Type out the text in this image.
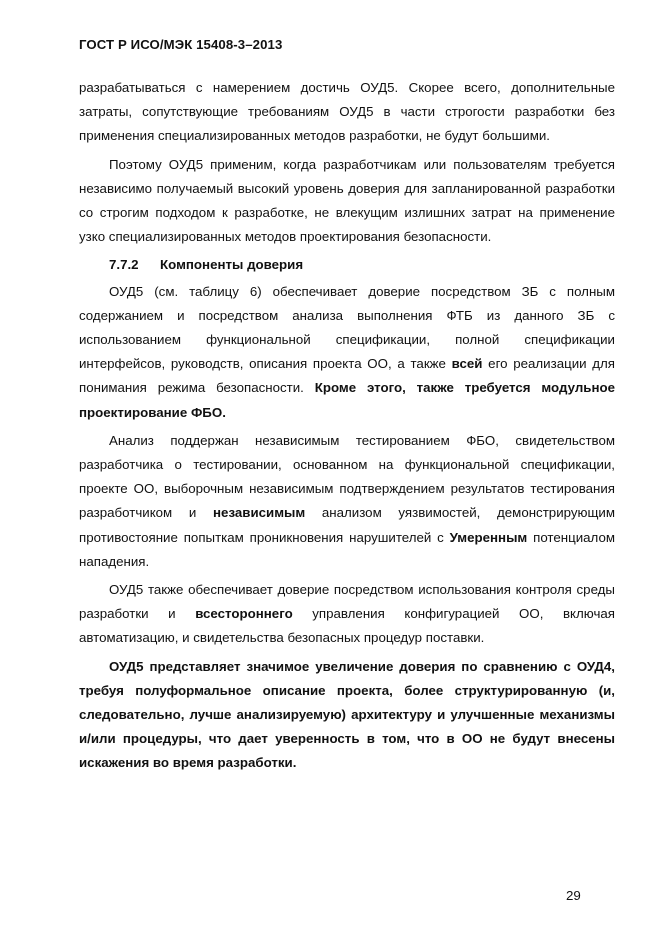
ГОСТ Р ИСО/МЭК 15408-3–2013

разрабатываться с намерением достичь ОУД5. Скорее всего, дополнительные затраты, сопутствующие требованиям ОУД5 в части строгости разработки без применения специализированных методов разработки, не будут большими.

Поэтому ОУД5 применим, когда разработчикам или пользователям требуется независимо получаемый высокий уровень доверия для запланированной разработки со строгим подходом к разработке, не влекущим излишних затрат на применение узко специализированных методов проектирования безопасности.

7.7.2 Компоненты доверия

ОУД5 (см. таблицу 6) обеспечивает доверие посредством ЗБ с полным содержанием и посредством анализа выполнения ФТБ из данного ЗБ с использованием функциональной спецификации, полной спецификации интерфейсов, руководств, описания проекта ОО, а также всей его реализации для понимания режима безопасности. Кроме этого, также требуется модульное проектирование ФБО.

Анализ поддержан независимым тестированием ФБО, свидетельством разработчика о тестировании, основанном на функциональной спецификации, проекте ОО, выборочным независимым подтверждением результатов тестирования разработчиком и независимым анализом уязвимостей, демонстрирующим противостояние попыткам проникновения нарушителей с Умеренным потенциалом нападения.

ОУД5 также обеспечивает доверие посредством использования контроля среды разработки и всестороннего управления конфигурацией ОО, включая автоматизацию, и свидетельства безопасных процедур поставки.

ОУД5 представляет значимое увеличение доверия по сравнению с ОУД4, требуя полуформальное описание проекта, более структурированную (и, следовательно, лучше анализируемую) архитектуру и улучшенные механизмы и/или процедуры, что дает уверенность в том, что в ОО не будут внесены искажения во время разработки.

29
